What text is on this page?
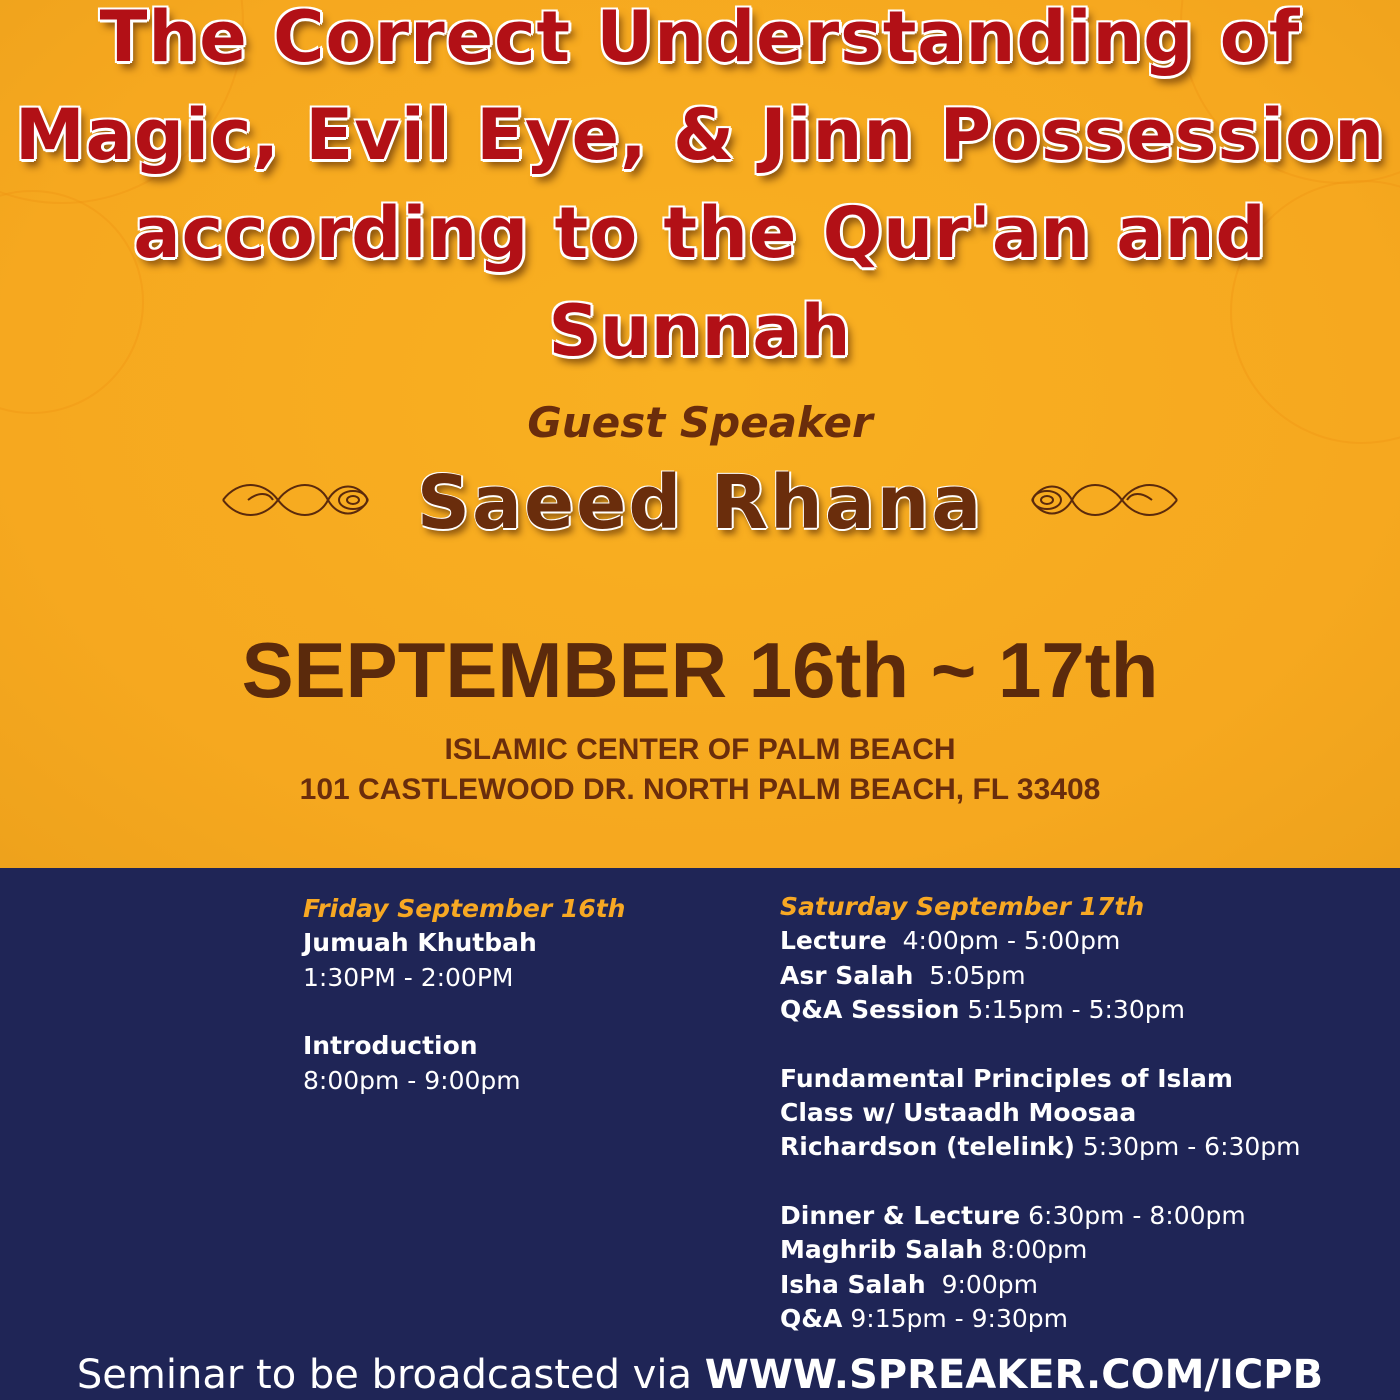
The Correct Understanding of
Magic, Evil Eye, & Jinn Possession
according to the Qur'an and
Sunnah
Guest Speaker
Saeed Rhana
SEPTEMBER 16th ~ 17th
ISLAMIC CENTER OF PALM BEACH
101 CASTLEWOOD DR. NORTH PALM BEACH, FL 33408
Friday September 16th
Jumuah Khutbah
1:30PM - 2:00PM
Introduction
8:00pm - 9:00pm
Saturday September 17th
Lecture 4:00pm - 5:00pm
Asr Salah 5:05pm
Q&A Session 5:15pm - 5:30pm
Fundamental Principles of Islam
Class w/ Ustaadh Moosaa
Richardson (telelink) 5:30pm - 6:30pm
Dinner & Lecture 6:30pm - 8:00pm
Maghrib Salah 8:00pm
Isha Salah 9:00pm
Q&A 9:15pm - 9:30pm
Seminar to be broadcasted via WWW.SPREAKER.COM/ICPB
